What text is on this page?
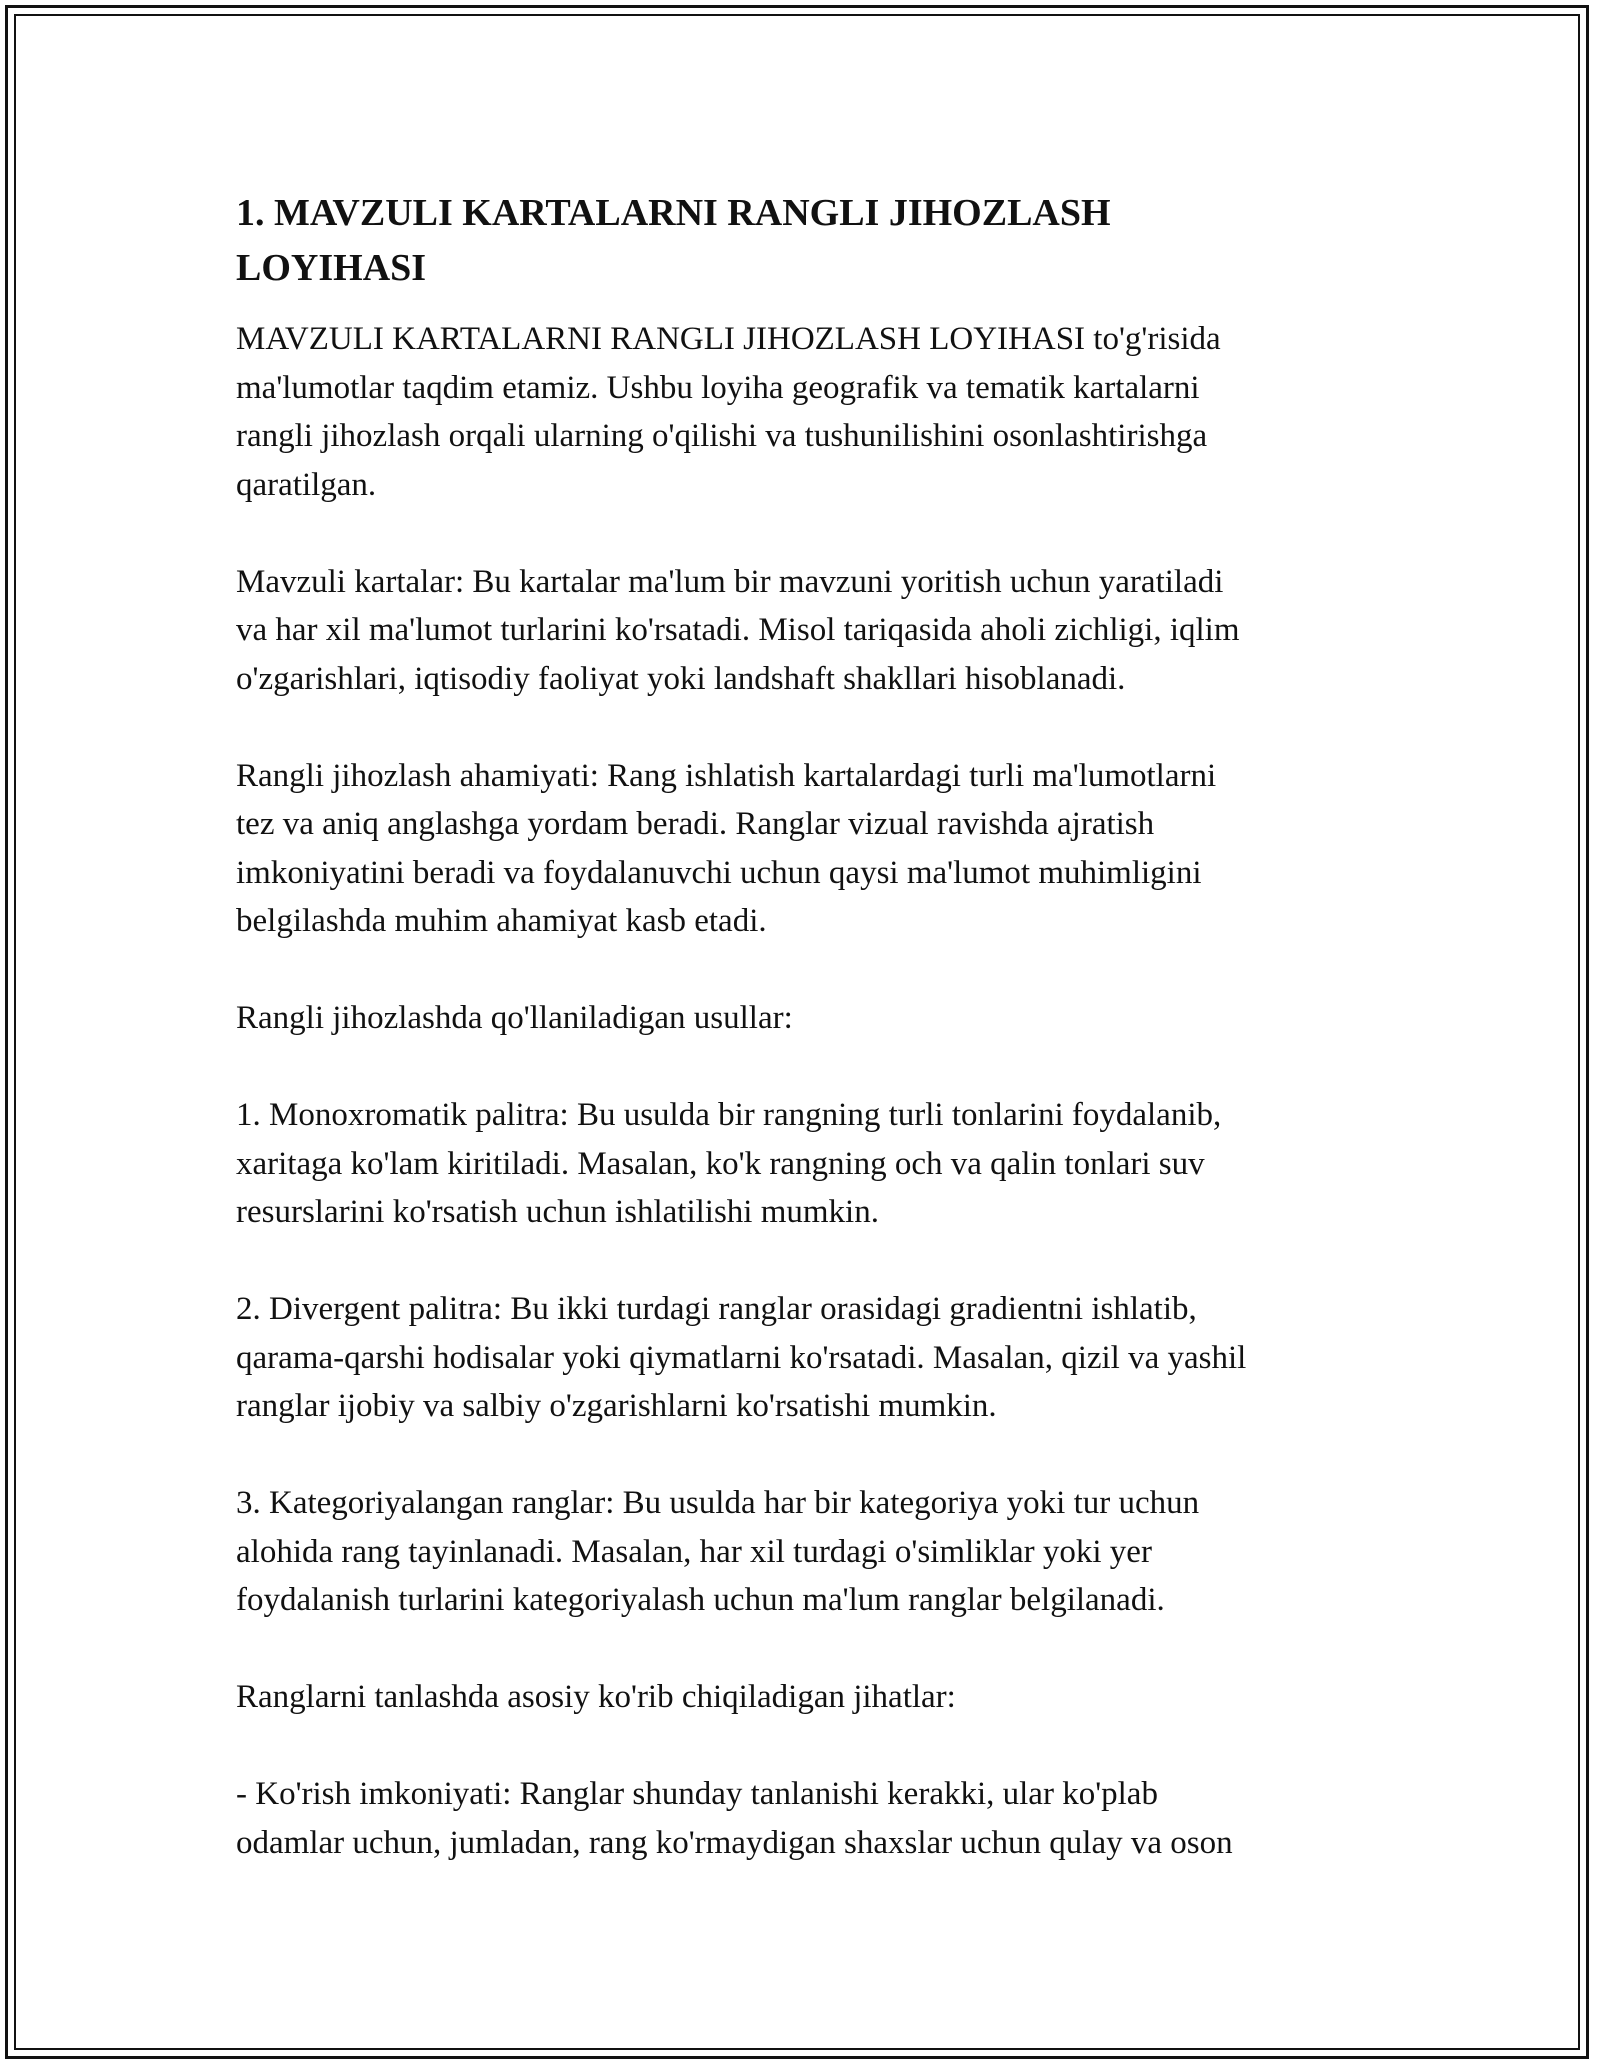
1. MAVZULI KARTALARNI RANGLI JIHOZLASH
LOYIHASI

MAVZULI KARTALARNI RANGLI JIHOZLASH LOYIHASI to'g'risida
ma'lumotlar taqdim etamiz. Ushbu loyiha geografik va tematik kartalarni
rangli jihozlash orqali ularning o'qilishi va tushunilishini osonlashtirishga
qaratilgan.

Mavzuli kartalar: Bu kartalar ma'lum bir mavzuni yoritish uchun yaratiladi
va har xil ma'lumot turlarini ko'rsatadi. Misol tariqasida aholi zichligi, iqlim
o'zgarishlari, iqtisodiy faoliyat yoki landshaft shakllari hisoblanadi.

Rangli jihozlash ahamiyati: Rang ishlatish kartalardagi turli ma'lumotlarni
tez va aniq anglashga yordam beradi. Ranglar vizual ravishda ajratish
imkoniyatini beradi va foydalanuvchi uchun qaysi ma'lumot muhimligini
belgilashda muhim ahamiyat kasb etadi.

Rangli jihozlashda qo'llaniladigan usullar:

1. Monoxromatik palitra: Bu usulda bir rangning turli tonlarini foydalanib,
xaritaga ko'lam kiritiladi. Masalan, ko'k rangning och va qalin tonlari suv
resurslarini ko'rsatish uchun ishlatilishi mumkin.

2. Divergent palitra: Bu ikki turdagi ranglar orasidagi gradientni ishlatib,
qarama-qarshi hodisalar yoki qiymatlarni ko'rsatadi. Masalan, qizil va yashil
ranglar ijobiy va salbiy o'zgarishlarni ko'rsatishi mumkin.

3. Kategoriyalangan ranglar: Bu usulda har bir kategoriya yoki tur uchun
alohida rang tayinlanadi. Masalan, har xil turdagi o'simliklar yoki yer
foydalanish turlarini kategoriyalash uchun ma'lum ranglar belgilanadi.

Ranglarni tanlashda asosiy ko'rib chiqiladigan jihatlar:

- Ko'rish imkoniyati: Ranglar shunday tanlanishi kerakki, ular ko'plab
odamlar uchun, jumladan, rang ko'rmaydigan shaxslar uchun qulay va oson
